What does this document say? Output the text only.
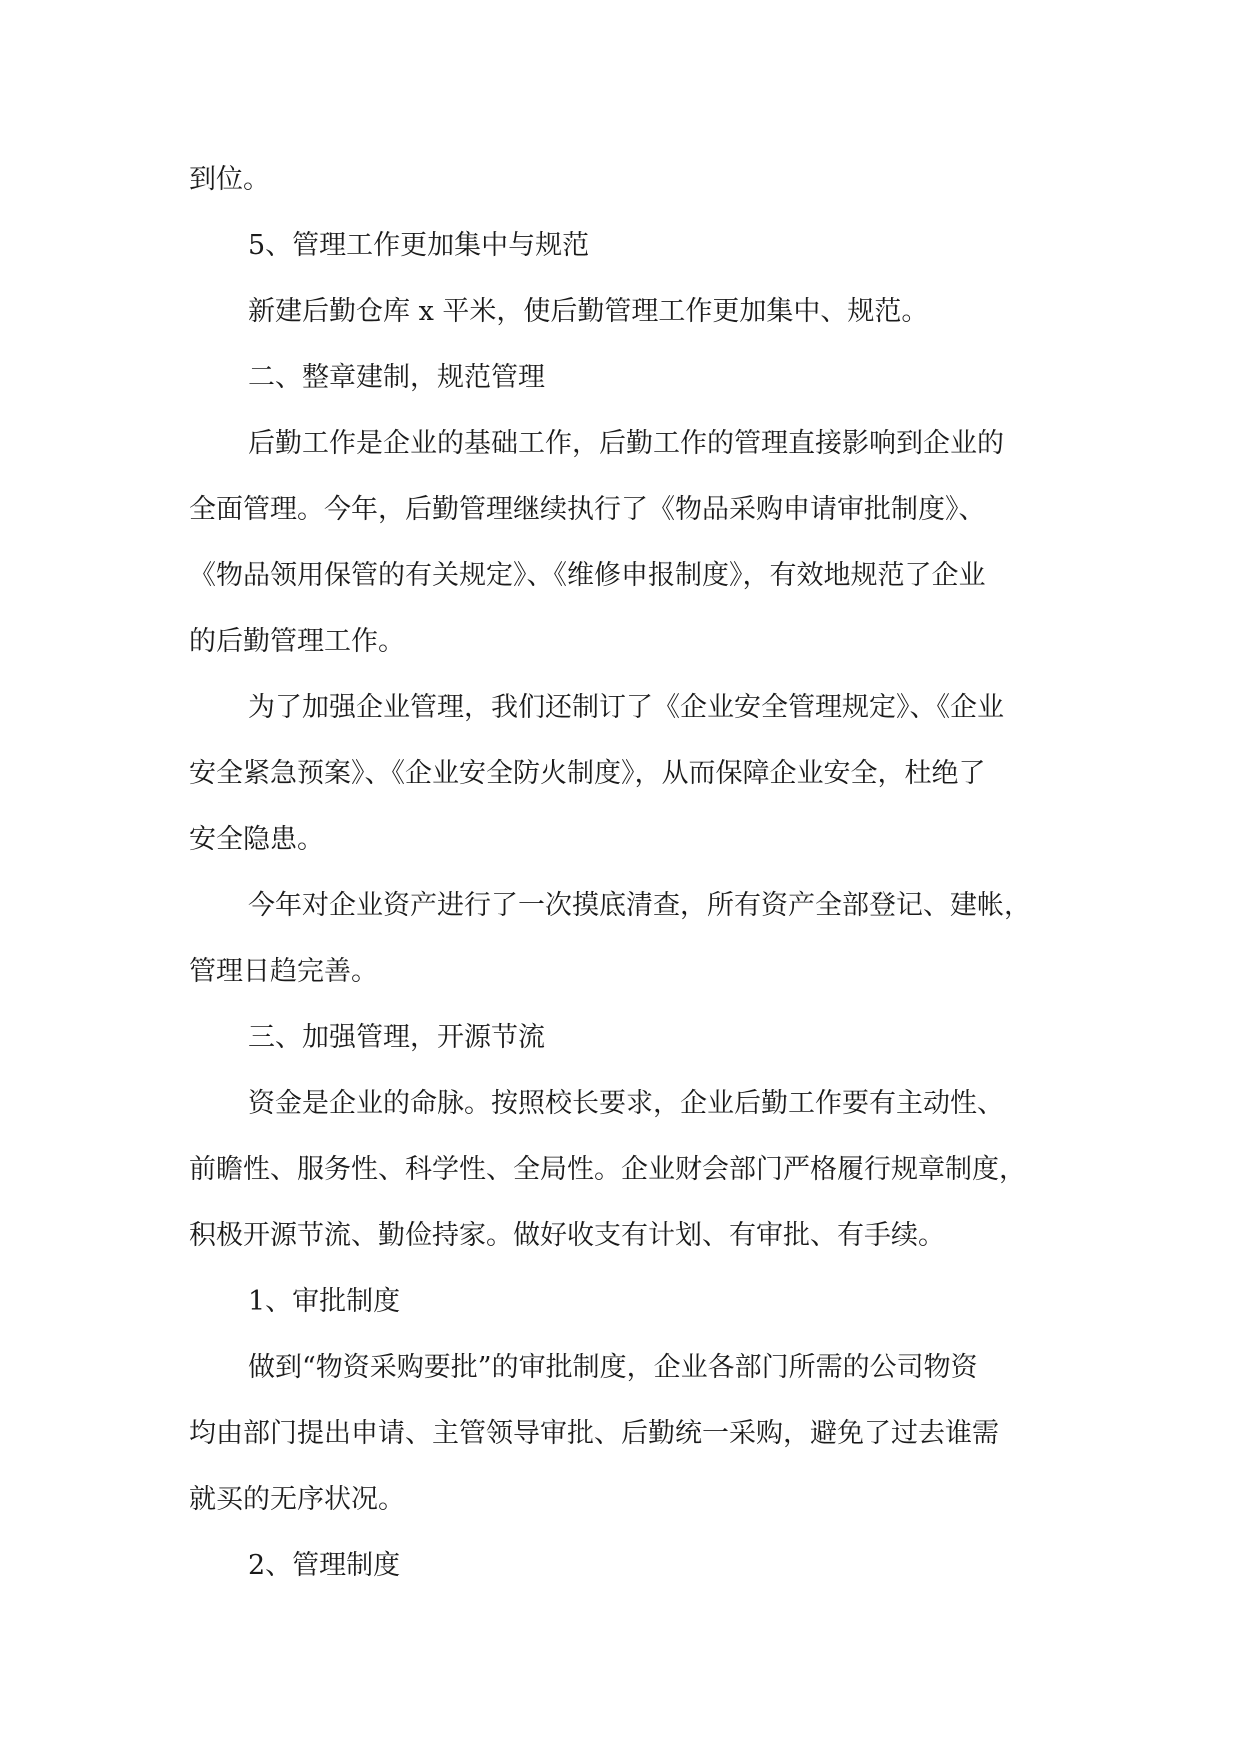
到位。
5、管理工作更加集中与规范
新建后勤仓库 x 平米，使后勤管理工作更加集中、规范。
二、整章建制，规范管理
后勤工作是企业的基础工作，后勤工作的管理直接影响到企业的
全面管理。今年，后勤管理继续执行了《物品采购申请审批制度》、
《物品领用保管的有关规定》、《维修申报制度》，有效地规范了企业
的后勤管理工作。
为了加强企业管理，我们还制订了《企业安全管理规定》、《企业
安全紧急预案》、《企业安全防火制度》，从而保障企业安全，杜绝了
安全隐患。
今年对企业资产进行了一次摸底清查，所有资产全部登记、建帐，
管理日趋完善。
三、加强管理，开源节流
资金是企业的命脉。按照校长要求，企业后勤工作要有主动性、
前瞻性、服务性、科学性、全局性。企业财会部门严格履行规章制度，
积极开源节流、勤俭持家。做好收支有计划、有审批、有手续。
1、审批制度
做到“物资采购要批”的审批制度，企业各部门所需的公司物资
均由部门提出申请、主管领导审批、后勤统一采购，避免了过去谁需
就买的无序状况。
2、管理制度
